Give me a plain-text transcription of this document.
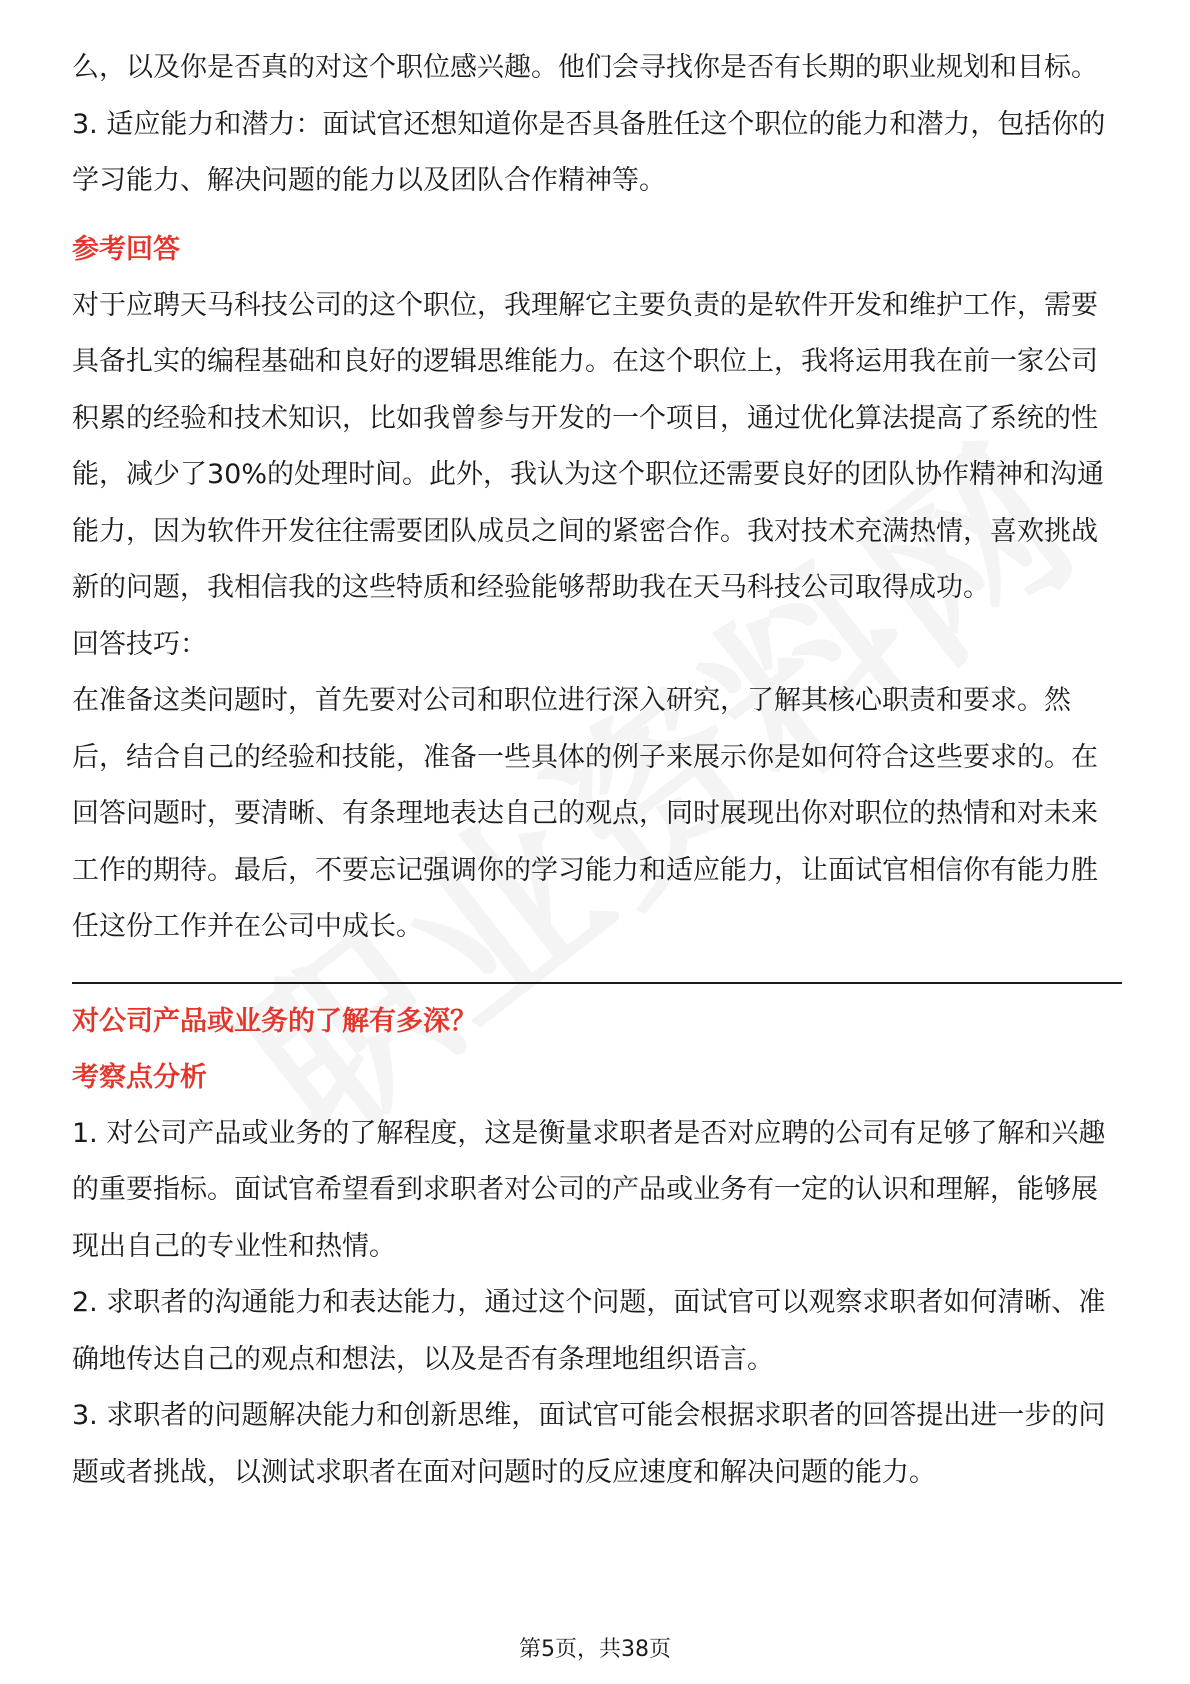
么，以及你是否真的对这个职位感兴趣。他们会寻找你是否有长期的职业规划和目标。

3. 适应能力和潜力：面试官还想知道你是否具备胜任这个职位的能力和潜力，包括你的学习能力、解决问题的能力以及团队合作精神等。

参考回答

对于应聘天马科技公司的这个职位，我理解它主要负责的是软件开发和维护工作，需要具备扎实的编程基础和良好的逻辑思维能力。在这个职位上，我将运用我在前一家公司积累的经验和技术知识，比如我曾参与开发的一个项目，通过优化算法提高了系统的性能，减少了30%的处理时间。此外，我认为这个职位还需要良好的团队协作精神和沟通能力，因为软件开发往往需要团队成员之间的紧密合作。我对技术充满热情，喜欢挑战新的问题，我相信我的这些特质和经验能够帮助我在天马科技公司取得成功。

回答技巧：

在准备这类问题时，首先要对公司和职位进行深入研究，了解其核心职责和要求。然后，结合自己的经验和技能，准备一些具体的例子来展示你是如何符合这些要求的。在回答问题时，要清晰、有条理地表达自己的观点，同时展现出你对职位的热情和对未来工作的期待。最后，不要忘记强调你的学习能力和适应能力，让面试官相信你有能力胜任这份工作并在公司中成长。

对公司产品或业务的了解有多深？

考察点分析

1. 对公司产品或业务的了解程度，这是衡量求职者是否对应聘的公司有足够了解和兴趣的重要指标。面试官希望看到求职者对公司的产品或业务有一定的认识和理解，能够展现出自己的专业性和热情。

2. 求职者的沟通能力和表达能力，通过这个问题，面试官可以观察求职者如何清晰、准确地传达自己的观点和想法，以及是否有条理地组织语言。

3. 求职者的问题解决能力和创新思维，面试官可能会根据求职者的回答提出进一步的问题或者挑战，以测试求职者在面对问题时的反应速度和解决问题的能力。

第5页，共38页
